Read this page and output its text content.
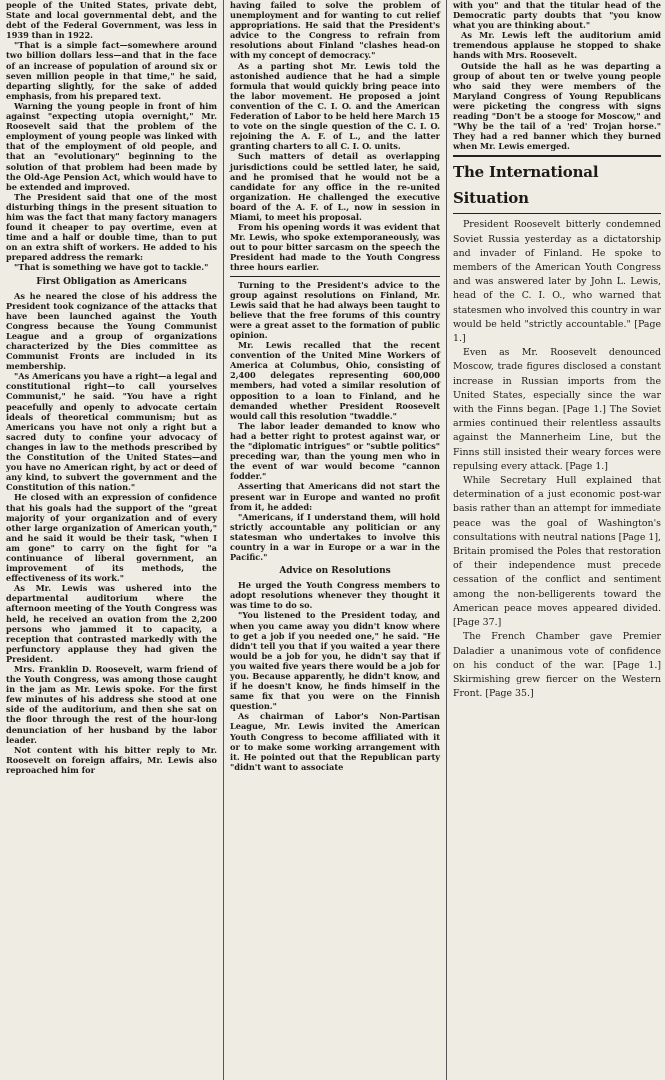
people of the United States, private debt, State and local governmental debt, and the debt of the Federal Government, was less in 1939 than in 1922.

"That is a simple fact—somewhere around two billion dollars less—and that in the face of an increase of population of around six or seven million people in that time," he said, departing slightly, for the sake of added emphasis, from his prepared text.

Warning the young people in front of him against "expecting utopia overnight," Mr. Roosevelt said that the problem of the employment of young people was linked with that of the employment of old people, and that an "evolutionary" beginning to the solution of that problem had been made by the Old-Age Pension Act, which would have to be extended and improved.

The President said that one of the most disturbing things in the present situation to him was the fact that many factory managers found it cheaper to pay overtime, even at time and a half or double time, than to put on an extra shift of workers. He added to his prepared address the remark:

"That is something we have got to tackle."

First Obligation as Americans

As he neared the close of his address the President took cognizance of the attacks that have been launched against the Youth Congress because the Young Communist League and a group of organizations characterized by the Dies committee as Communist Fronts are included in its membership.

"As Americans you have a right—a legal and constitutional right—to call yourselves Communist," he said. "You have a right peacefully and openly to advocate certain ideals of theoretical communism; but as Americans you have not only a right but a sacred duty to confine your advocacy of changes in law to the methods prescribed by the Constitution of the United States—and you have no American right, by act or deed of any kind, to subvert the government and the Constitution of this nation."

He closed with an expression of confidence that his goals had the support of the "great majority of your organization and of every other large organization of American youth," and he said it would be their task, "when I am gone" to carry on the fight for "a continuance of liberal government, an improvement of its methods, the effectiveness of its work."

As Mr. Lewis was ushered into the departmental auditorium where the afternoon meeting of the Youth Congress was held, he received an ovation from the 2,200 persons who jammed it to capacity, a reception that contrasted markedly with the perfunctory applause they had given the President.

Mrs. Franklin D. Roosevelt, warm friend of the Youth Congress, was among those caught in the jam as Mr. Lewis spoke. For the first few minutes of his address she stood at one side of the auditorium, and then she sat on the floor through the rest of the hour-long denunciation of her husband by the labor leader.

Not content with his bitter reply to Mr. Roosevelt on foreign affairs, Mr. Lewis also reproached him for

having failed to solve the problem of unemployment and for wanting to cut relief appropriations. He said that the President's advice to the Congress to refrain from resolutions about Finland "clashes head-on with my concept of democracy."

As a parting shot Mr. Lewis told the astonished audience that he had a simple formula that would quickly bring peace into the labor movement. He proposed a joint convention of the C. I. O. and the American Federation of Labor to be held here March 15 to vote on the single question of the C. I. O. rejoining the A. F. of L., and the latter granting charters to all C. I. O. units.

Such matters of detail as overlapping jurisdictions could be settled later, he said, and he promised that he would not be a candidate for any office in the re-united organization. He challenged the executive board of the A. F. of L., now in session in Miami, to meet his proposal.

From his opening words it was evident that Mr. Lewis, who spoke extemporaneously, was out to pour bitter sarcasm on the speech the President had made to the Youth Congress three hours earlier.

Turning to the President's advice to the group against resolutions on Finland, Mr. Lewis said that he had always been taught to believe that the free forums of this country were a great asset to the formation of public opinion.

Mr. Lewis recalled that the recent convention of the United Mine Workers of America at Columbus, Ohio, consisting of 2,400 delegates representing 600,000 members, had voted a similar resolution of opposition to a loan to Finland, and he demanded whether President Roosevelt would call this resolution "twaddle."

The labor leader demanded to know who had a better right to protest against war, or the "diplomatic intrigues" or "subtle politics" preceding war, than the young men who in the event of war would become "cannon fodder."

Asserting that Americans did not start the present war in Europe and wanted no profit from it, he added:

"Americans, if I understand them, will hold strictly accountable any politician or any statesman who undertakes to involve this country in a war in Europe or a war in the Pacific."

Advice on Resolutions

He urged the Youth Congress members to adopt resolutions whenever they thought it was time to do so.

"You listened to the President today, and when you came away you didn't know where to get a job if you needed one," he said. "He didn't tell you that if you waited a year there would be a job for you, he didn't say that if you waited five years there would be a job for you. Because apparently, he didn't know, and if he doesn't know, he finds himself in the same fix that you were on the Finnish question."

As chairman of Labor's Non-Partisan League, Mr. Lewis invited the American Youth Congress to become affiliated with it or to make some working arrangement with it. He pointed out that the Republican party "didn't want to associate

with you" and that the titular head of the Democratic party doubts that "you know what you are thinking about."

As Mr. Lewis left the auditorium amid tremendous applause he stopped to shake hands with Mrs. Roosevelt.

Outside the hall as he was departing a group of about ten or twelve young people who said they were members of the Maryland Congress of Young Republicans were picketing the congress with signs reading "Don't be a stooge for Moscow," and "Why be the tail of a 'red' Trojan horse." They had a red banner which they burned when Mr. Lewis emerged.

The International Situation

President Roosevelt bitterly condemned Soviet Russia yesterday as a dictatorship and invader of Finland. He spoke to members of the American Youth Congress and was answered later by John L. Lewis, head of the C. I. O., who warned that statesmen who involved this country in war would be held "strictly accountable." [Page 1.]

Even as Mr. Roosevelt denounced Moscow, trade figures disclosed a constant increase in Russian imports from the United States, especially since the war with the Finns began. [Page 1.] The Soviet armies continued their relentless assaults against the Mannerheim Line, but the Finns still insisted their weary forces were repulsing every attack. [Page 1.]

While Secretary Hull explained that determination of a just economic post-war basis rather than an attempt for immediate peace was the goal of Washington's consultations with neutral nations [Page 1], Britain promised the Poles that restoration of their independence must precede cessation of the conflict and sentiment among the non-belligerents toward the American peace moves appeared divided. [Page 37.]

The French Chamber gave Premier Daladier a unanimous vote of confidence on his conduct of the war. [Page 1.] Skirmishing grew fiercer on the Western Front. [Page 35.]
